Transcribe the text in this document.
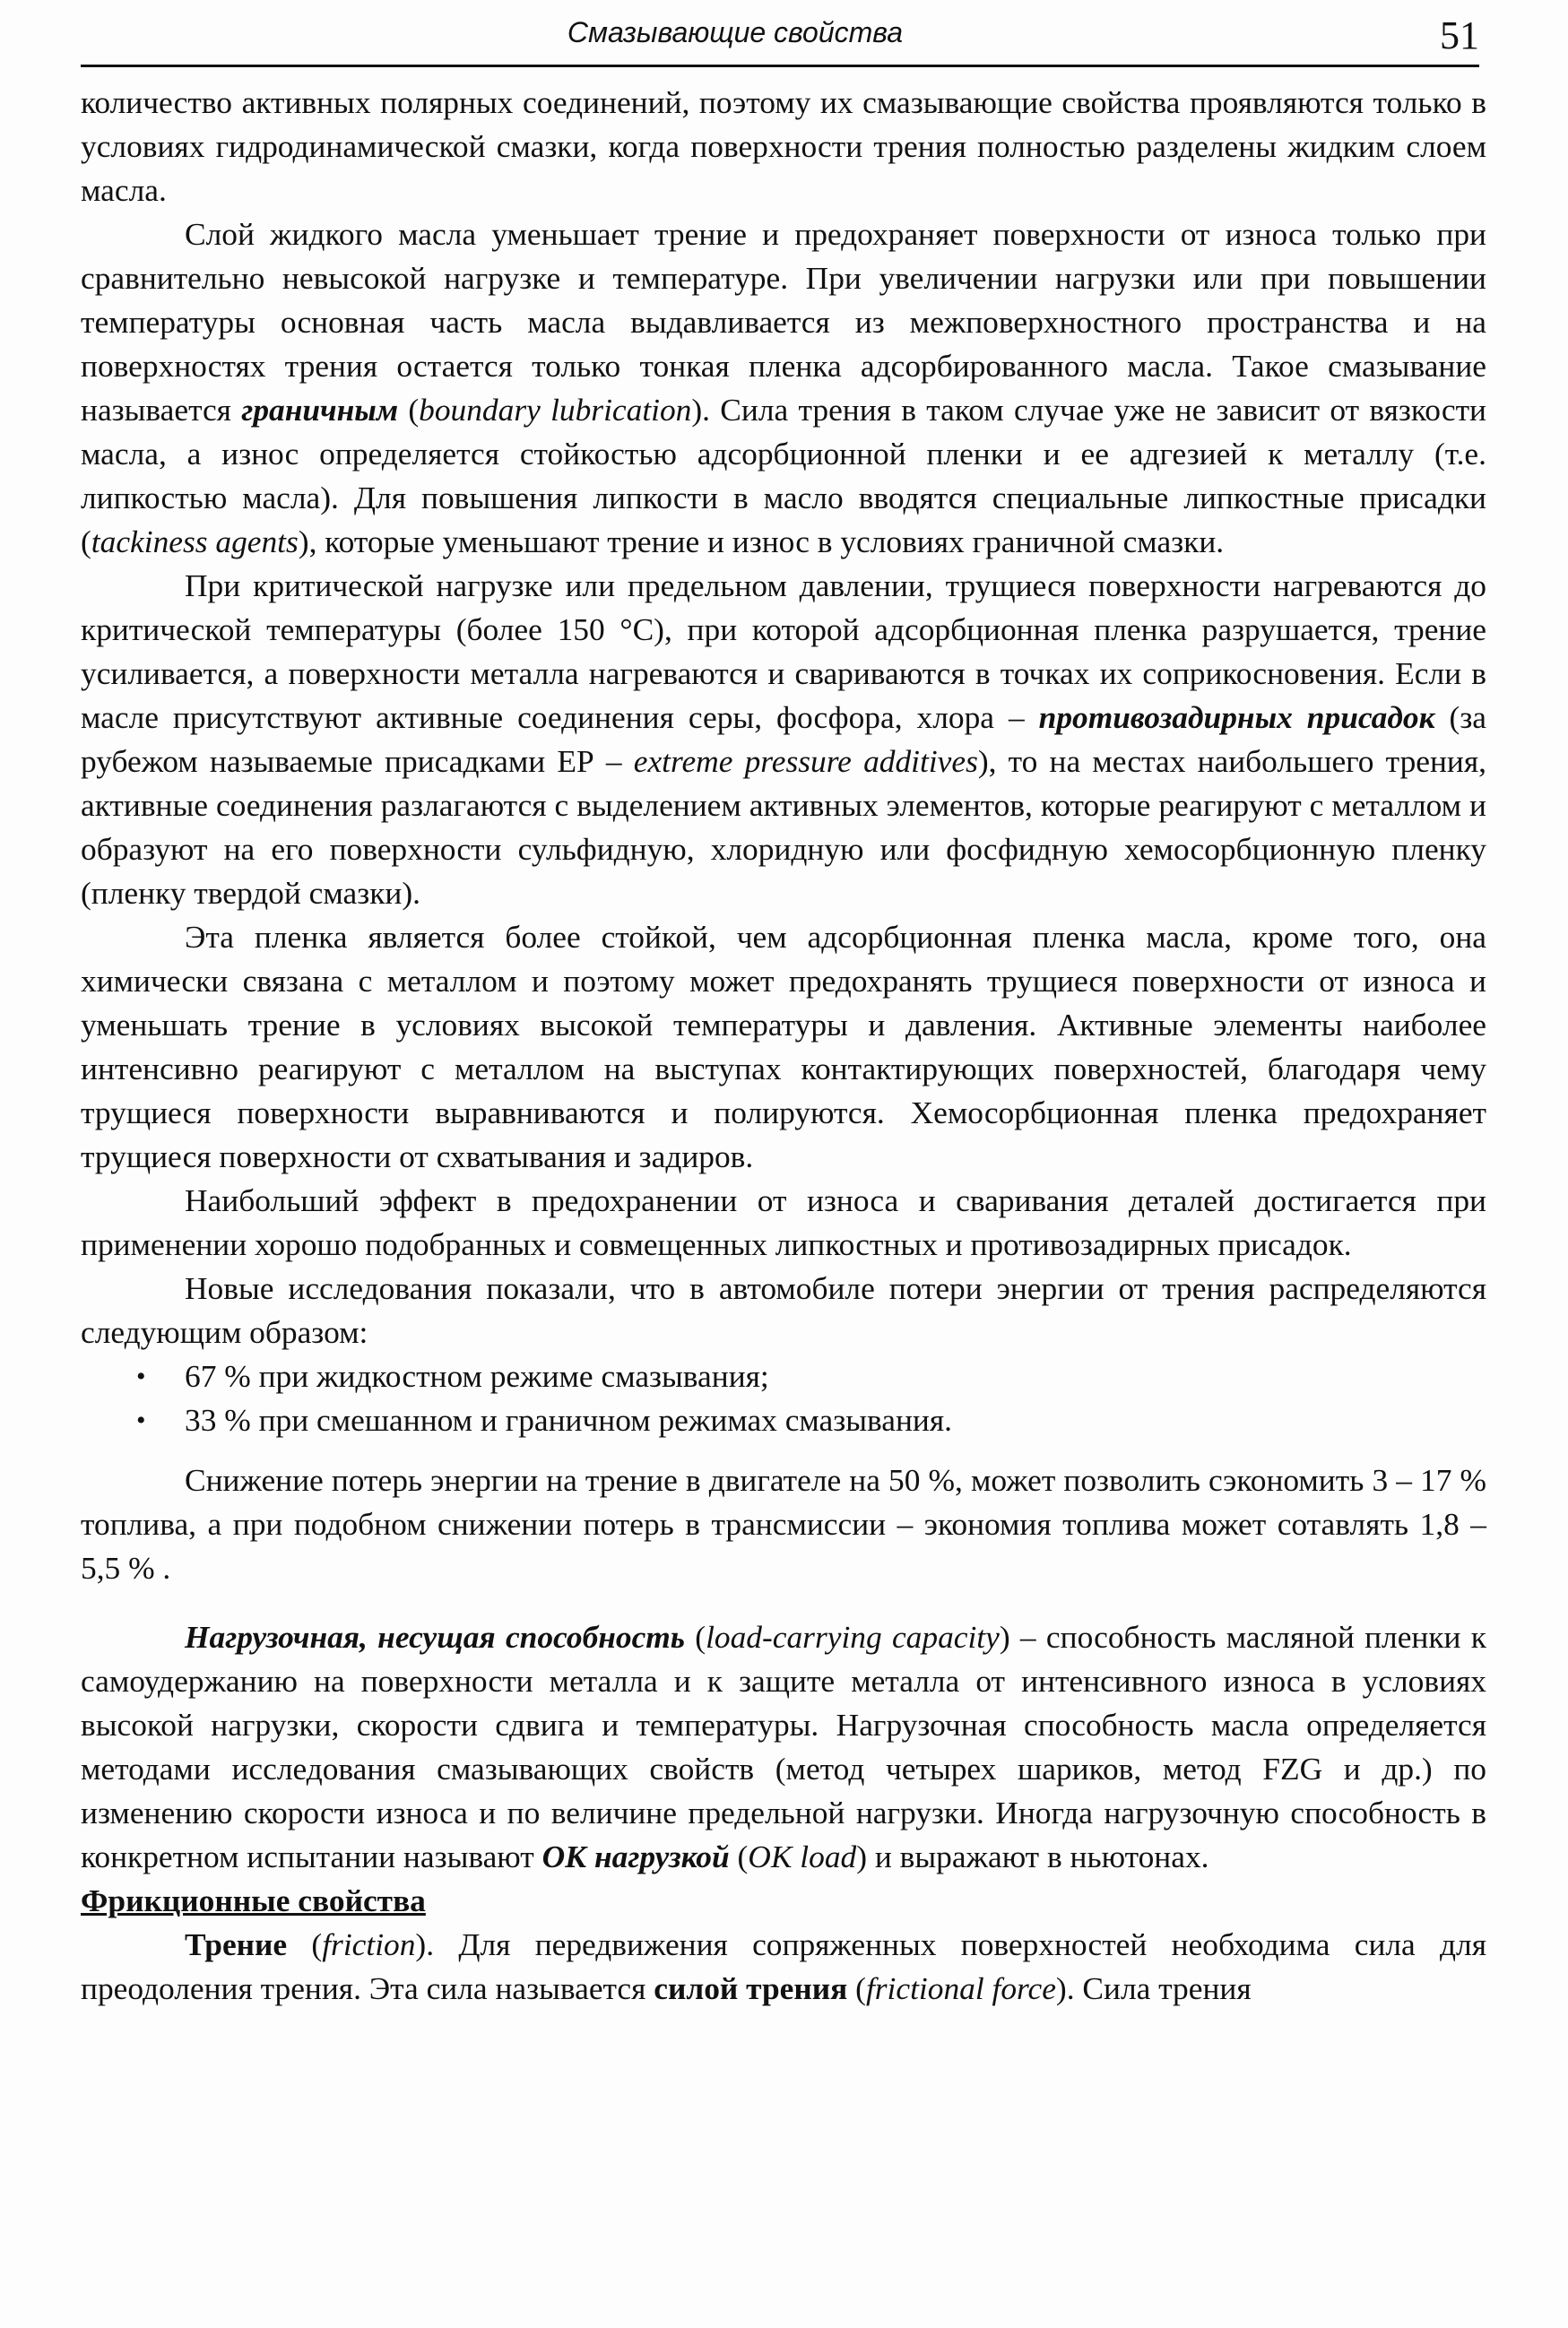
Смазывающие свойства	51

количество активных полярных соединений, поэтому их смазывающие свойства проявляются только в условиях гидродинамической смазки, когда поверхности трения полностью разделены жидким слоем масла.

Слой жидкого масла уменьшает трение и предохраняет поверхности от износа только при сравнительно невысокой нагрузке и температуре. При увеличении нагрузки или при повышении температуры основная часть масла выдавливается из межповерхностного пространства и на поверхностях трения остается только тонкая пленка адсорбированного масла. Такое смазывание называется граничным (boundary lubrication). Сила трения в таком случае уже не зависит от вязкости масла, а износ определяется стойкостью адсорбционной пленки и ее адгезией к металлу (т.е. липкостью масла). Для повышения липкости в масло вводятся специальные липкостные присадки (tackiness agents), которые уменьшают трение и износ в условиях граничной смазки.

При критической нагрузке или предельном давлении, трущиеся поверхности нагреваются до критической температуры (более 150 °С), при которой адсорбционная пленка разрушается, трение усиливается, а поверхности металла нагреваются и свариваются в точках их соприкосновения. Если в масле присутствуют активные соединения серы, фосфора, хлора – противозадирных присадок (за рубежом называемые присадками ЕР – extreme pressure additives), то на местах наибольшего трения, активные соединения разлагаются с выделением активных элементов, которые реагируют с металлом и образуют на его поверхности сульфидную, хлоридную или фосфидную хемосорбционную пленку (пленку твердой смазки).

Эта пленка является более стойкой, чем адсорбционная пленка масла, кроме того, она химически связана с металлом и поэтому может предохранять трущиеся поверхности от износа и уменьшать трение в условиях высокой температуры и давления. Активные элементы наиболее интенсивно реагируют с металлом на выступах контактирующих поверхностей, благодаря чему трущиеся поверхности выравниваются и полируются. Хемосорбционная пленка предохраняет трущиеся поверхности от схватывания и задиров.

Наибольший эффект в предохранении от износа и сваривания деталей достигается при применении хорошо подобранных и совмещенных липкостных и противозадирных присадок.

Новые исследования показали, что в автомобиле потери энергии от трения распределяются следующим образом:

• 67 % при жидкостном режиме смазывания;
• 33 % при смешанном и граничном режимах смазывания.

Снижение потерь энергии на трение в двигателе на 50 %, может позволить сэкономить 3 – 17 % топлива, а при подобном снижении потерь в трансмиссии – экономия топлива может сотавлять 1,8 – 5,5 % .

Нагрузочная, несущая способность (load-carrying capacity) – способность масляной пленки к самоудержанию на поверхности металла и к защите металла от интенсивного износа в условиях высокой нагрузки, скорости сдвига и температуры. Нагрузочная способность масла определяется методами исследования смазывающих свойств (метод четырех шариков, метод FZG и др.) по изменению скорости износа и по величине предельной нагрузки. Иногда нагрузочную способность в конкретном испытании называют ОК нагрузкой (OK load) и выражают в ньютонах.

Фрикционные свойства

Трение (friction). Для передвижения сопряженных поверхностей необходима сила для преодоления трения. Эта сила называется силой трения (frictional force). Сила трения
